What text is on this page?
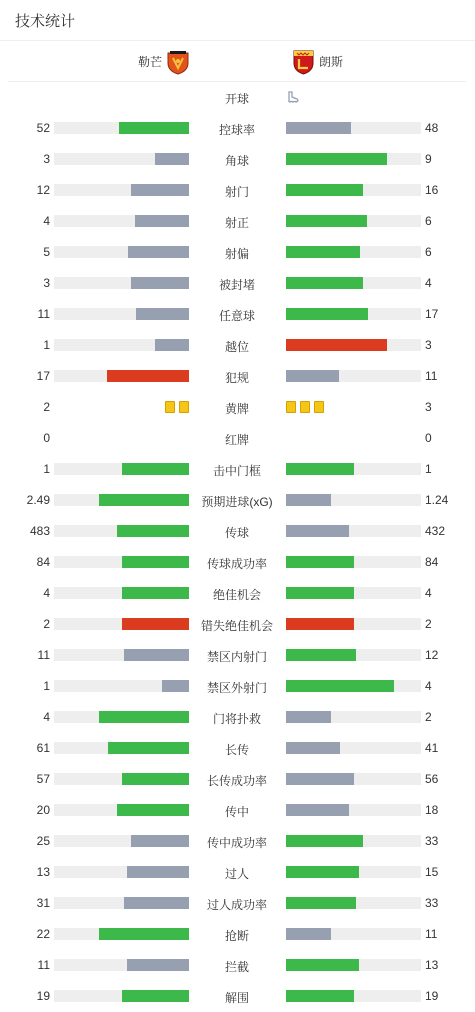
技术统计
勒芒	朗斯
开球
52	控球率	48
3	角球	9
12	射门	16
4	射正	6
5	射偏	6
3	被封堵	4
11	任意球	17
1	越位	3
17	犯规	11
2	黄牌	3
0	红牌	0
1	击中门框	1
2.49	预期进球(xG)	1.24
483	传球	432
84	传球成功率	84
4	绝佳机会	4
2	错失绝佳机会	2
11	禁区内射门	12
1	禁区外射门	4
4	门将扑救	2
61	长传	41
57	长传成功率	56
20	传中	18
25	传中成功率	33
13	过人	15
31	过人成功率	33
22	抢断	11
11	拦截	13
19	解围	19
